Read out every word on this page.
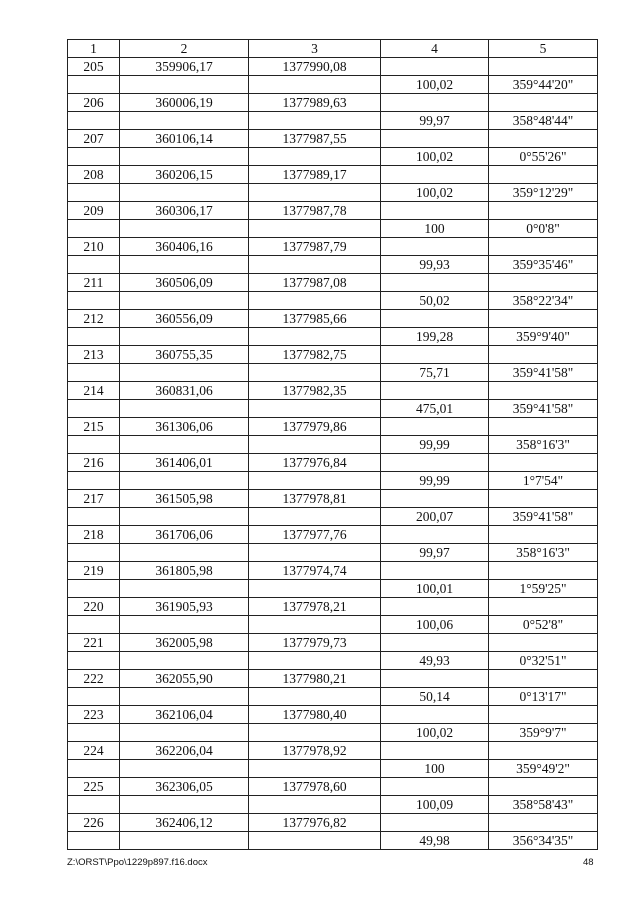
1	2	3	4	5
205	359906,17	1377990,08		
			100,02	359°44'20"
206	360006,19	1377989,63		
			99,97	358°48'44"
207	360106,14	1377987,55		
			100,02	0°55'26"
208	360206,15	1377989,17		
			100,02	359°12'29"
209	360306,17	1377987,78		
			100	0°0'8"
210	360406,16	1377987,79		
			99,93	359°35'46"
211	360506,09	1377987,08		
			50,02	358°22'34"
212	360556,09	1377985,66		
			199,28	359°9'40"
213	360755,35	1377982,75		
			75,71	359°41'58"
214	360831,06	1377982,35		
			475,01	359°41'58"
215	361306,06	1377979,86		
			99,99	358°16'3"
216	361406,01	1377976,84		
			99,99	1°7'54"
217	361505,98	1377978,81		
			200,07	359°41'58"
218	361706,06	1377977,76		
			99,97	358°16'3"
219	361805,98	1377974,74		
			100,01	1°59'25"
220	361905,93	1377978,21		
			100,06	0°52'8"
221	362005,98	1377979,73		
			49,93	0°32'51"
222	362055,90	1377980,21		
			50,14	0°13'17"
223	362106,04	1377980,40		
			100,02	359°9'7"
224	362206,04	1377978,92		
			100	359°49'2"
225	362306,05	1377978,60		
			100,09	358°58'43"
226	362406,12	1377976,82		
			49,98	356°34'35"
Z:\ORST\Ppo\1229p897.f16.docx	48
